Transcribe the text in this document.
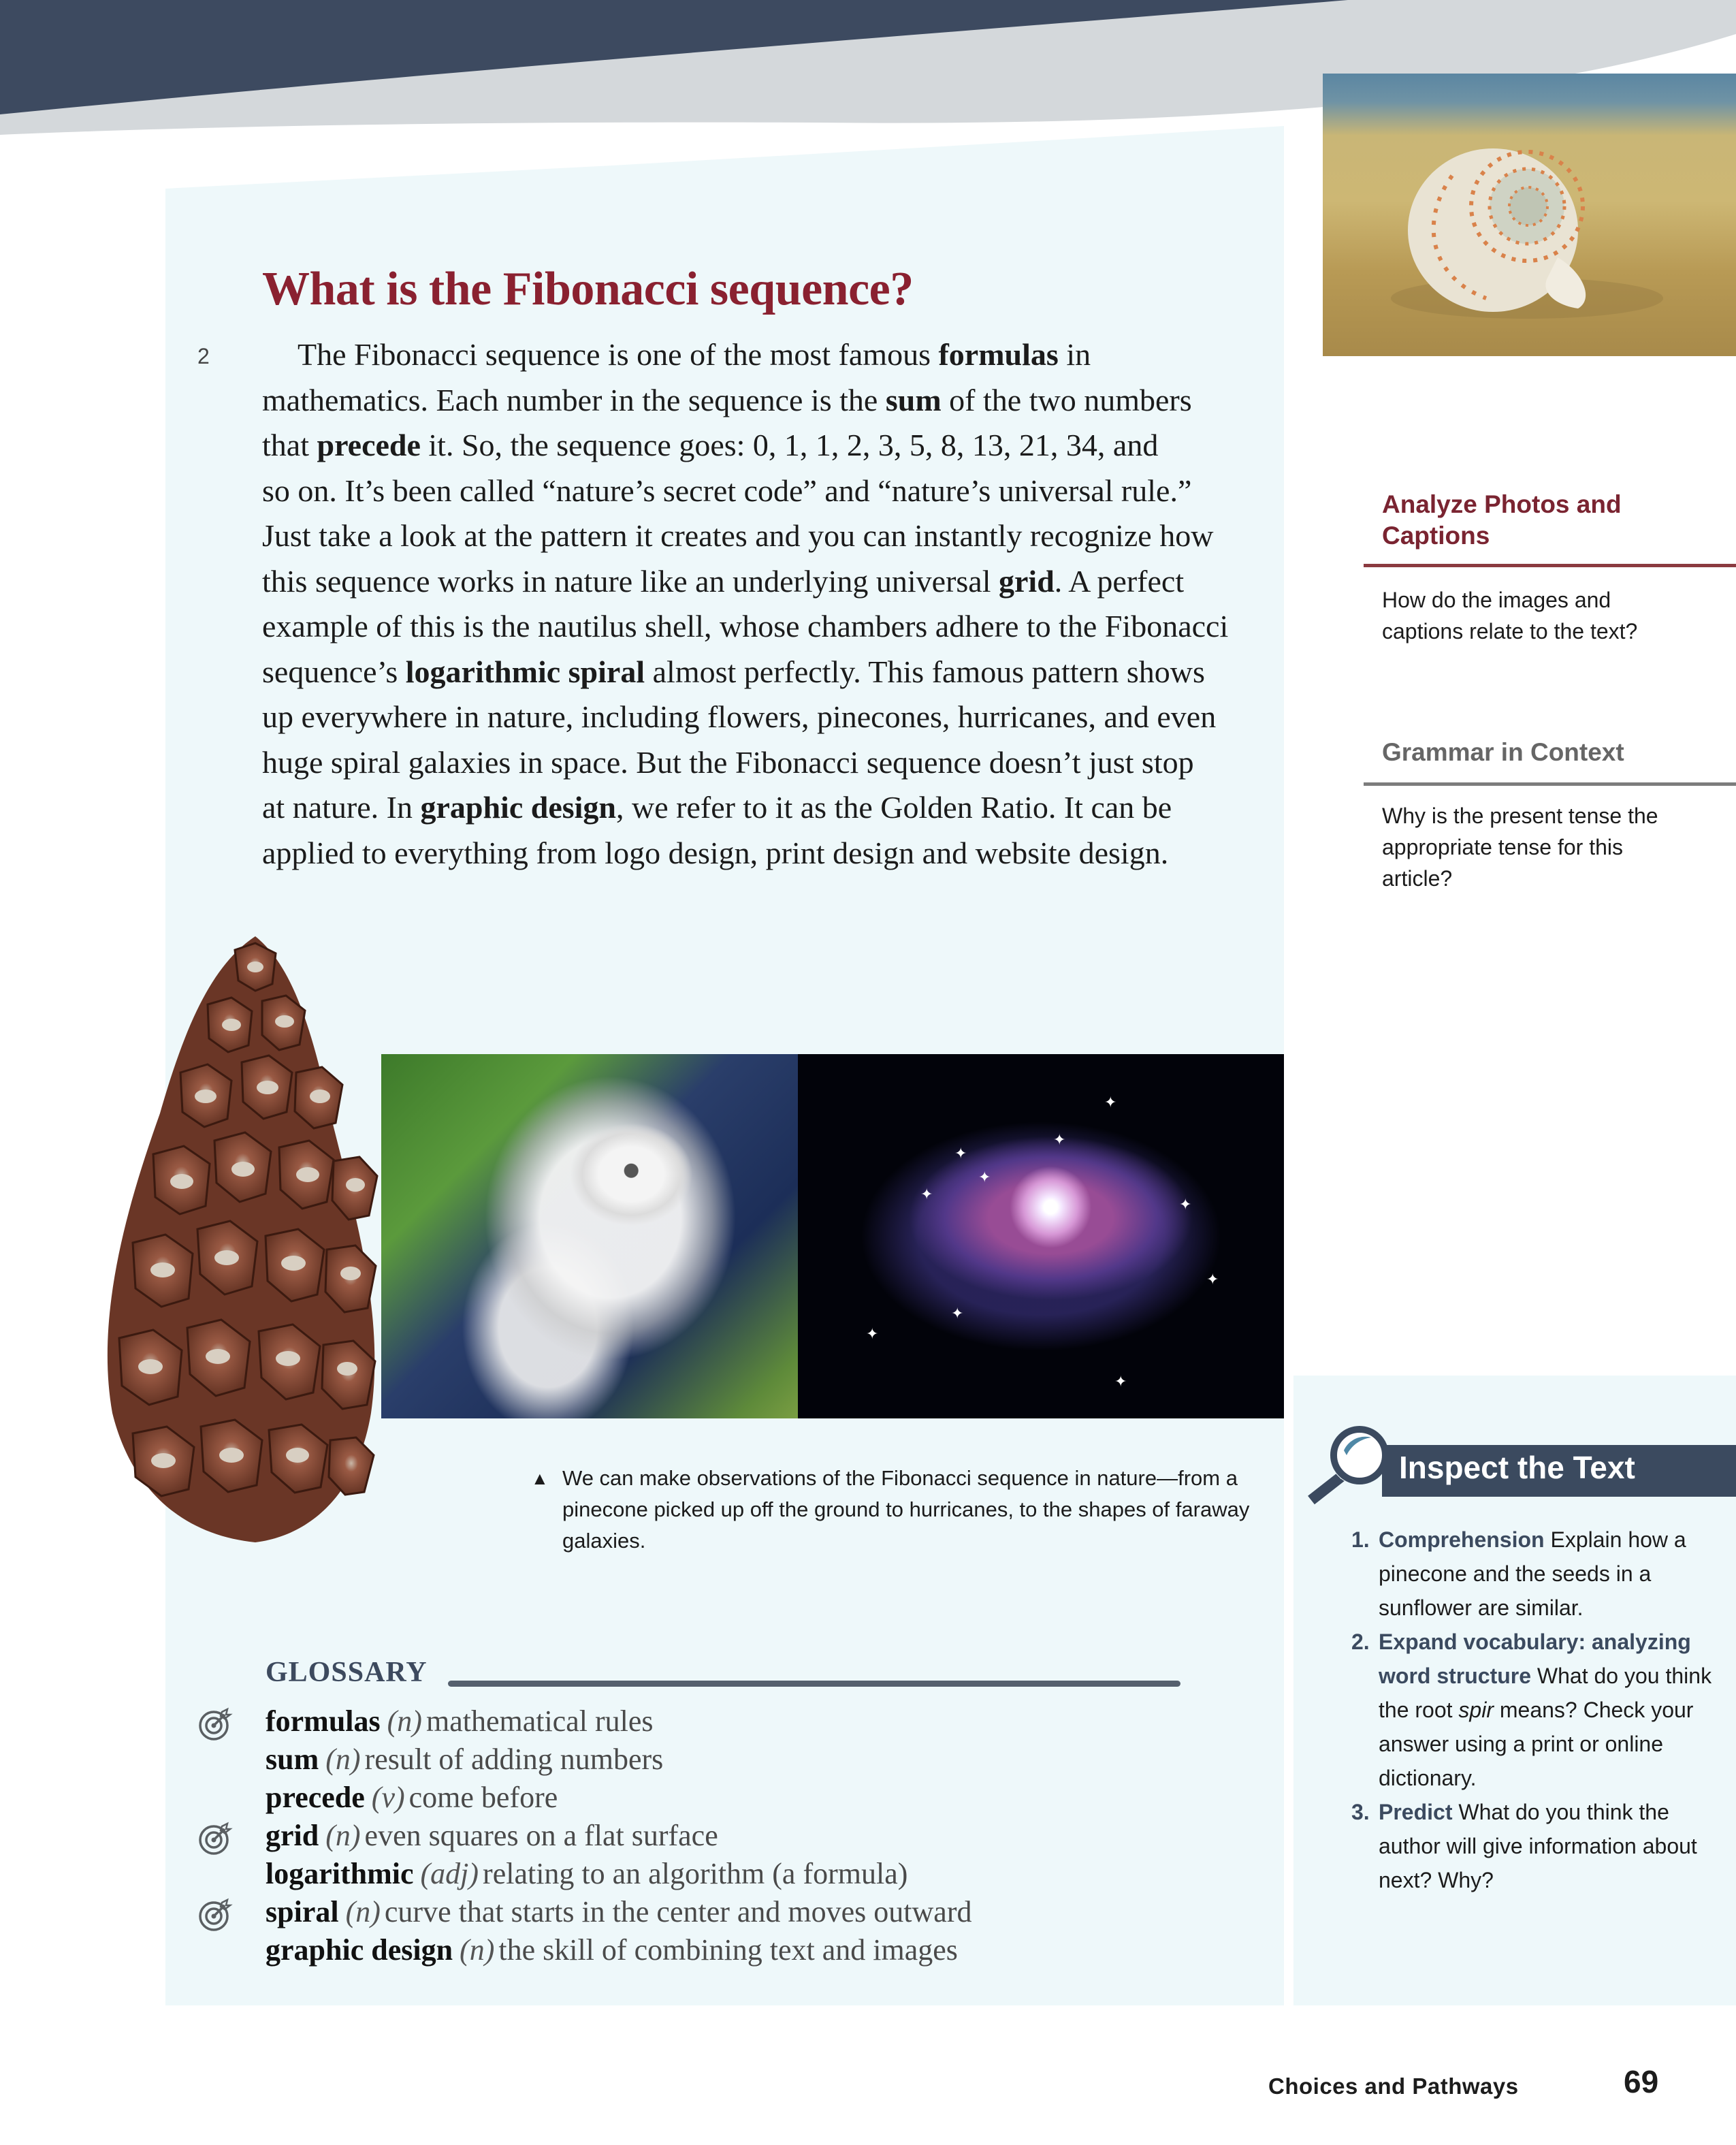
What is the Fibonacci sequence?
2	The Fibonacci sequence is one of the most famous formulas in
mathematics. Each number in the sequence is the sum of the two numbers
that precede it. So, the sequence goes: 0, 1, 1, 2, 3, 5, 8, 13, 21, 34, and
so on. It’s been called “nature’s secret code” and “nature’s universal rule.”
Just take a look at the pattern it creates and you can instantly recognize how
this sequence works in nature like an underlying universal grid. A perfect
example of this is the nautilus shell, whose chambers adhere to the Fibonacci
sequence’s logarithmic spiral almost perfectly. This famous pattern shows
up everywhere in nature, including flowers, pinecones, hurricanes, and even
huge spiral galaxies in space. But the Fibonacci sequence doesn’t just stop
at nature. In graphic design, we refer to it as the Golden Ratio. It can be
applied to everything from logo design, print design and website design.
Analyze Photos and
Captions
How do the images and captions relate to the text?
Grammar in Context
Why is the present tense the appropriate tense for this article?
✦
✦
✦
✦
✦
✦
✦
✦
✦
✦
▲ We can make observations of the Fibonacci sequence in nature—from a pinecone picked up off the ground to hurricanes, to the shapes of faraway galaxies.
GLOSSARY
formulas (n) mathematical rules
sum (n) result of adding numbers
precede (v) come before
grid (n) even squares on a flat surface
logarithmic (adj) relating to an algorithm (a formula)
spiral (n) curve that starts in the center and moves outward
graphic design (n) the skill of combining text and images
Inspect the Text
1. Comprehension Explain how a pinecone and the seeds in a sunflower are similar.
2. Expand vocabulary: analyzing word structure What do you think the root spir means? Check your answer using a print or online dictionary.
3. Predict What do you think the author will give information about next? Why?
Choices and Pathways	69
